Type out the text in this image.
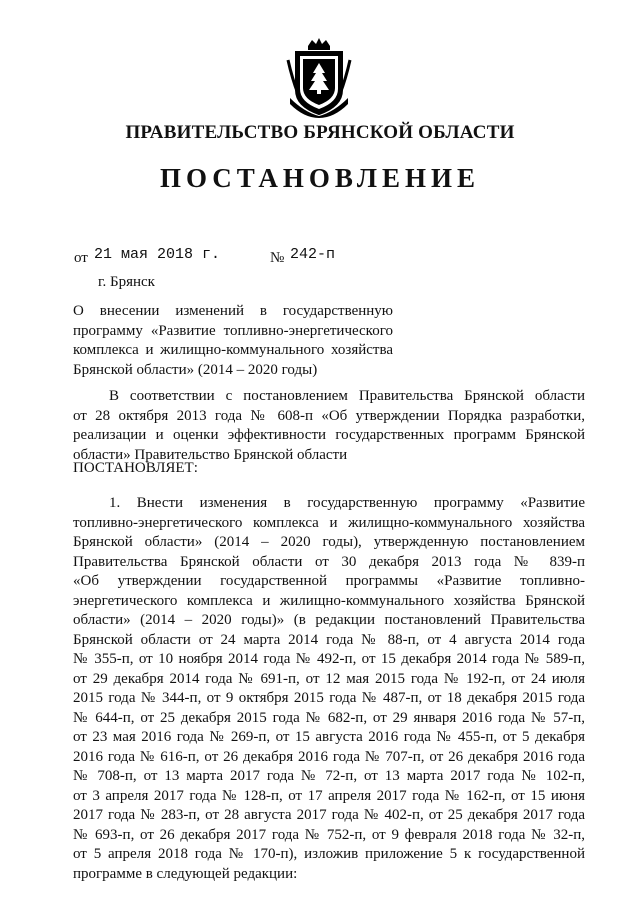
ПРАВИТЕЛЬСТВО БРЯНСКОЙ ОБЛАСТИ
ПОСТАНОВЛЕНИЕ
от 21 мая 2018 г.	№ 242-п
г. Брянск
О внесении изменений в государственную
программу «Развитие топливно-энергетического
комплекса и жилищно-коммунального хозяйства
Брянской области» (2014 – 2020 годы)
В соответствии с постановлением Правительства Брянской области
от 28 октября 2013 года № 608-п «Об утверждении Порядка разработки,
реализации и оценки эффективности государственных программ Брянской
области» Правительство Брянской области
ПОСТАНОВЛЯЕТ:
1. Внести изменения в государственную программу «Развитие
топливно-энергетического комплекса и жилищно-коммунального хозяйства
Брянской области» (2014 – 2020 годы), утвержденную постановлением
Правительства Брянской области от 30 декабря 2013 года № 839-п
«Об утверждении государственной программы «Развитие топливно-
энергетического комплекса и жилищно-коммунального хозяйства Брянской
области» (2014 – 2020 годы)» (в редакции постановлений Правительства
Брянской области от 24 марта 2014 года № 88-п, от 4 августа 2014 года
№ 355-п, от 10 ноября 2014 года № 492-п, от 15 декабря 2014 года № 589-п,
от 29 декабря 2014 года № 691-п, от 12 мая 2015 года № 192-п, от 24 июля
2015 года № 344-п, от 9 октября 2015 года № 487-п, от 18 декабря 2015 года
№ 644-п, от 25 декабря 2015 года № 682-п, от 29 января 2016 года № 57-п,
от 23 мая 2016 года № 269-п, от 15 августа 2016 года № 455-п, от 5 декабря
2016 года № 616-п, от 26 декабря 2016 года № 707-п, от 26 декабря 2016 года
№ 708-п, от 13 марта 2017 года № 72-п, от 13 марта 2017 года № 102-п,
от 3 апреля 2017 года № 128-п, от 17 апреля 2017 года № 162-п, от 15 июня
2017 года № 283-п, от 28 августа 2017 года № 402-п, от 25 декабря 2017 года
№ 693-п, от 26 декабря 2017 года № 752-п, от 9 февраля 2018 года № 32-п,
от 5 апреля 2018 года № 170-п), изложив приложение 5 к государственной
программе в следующей редакции:
